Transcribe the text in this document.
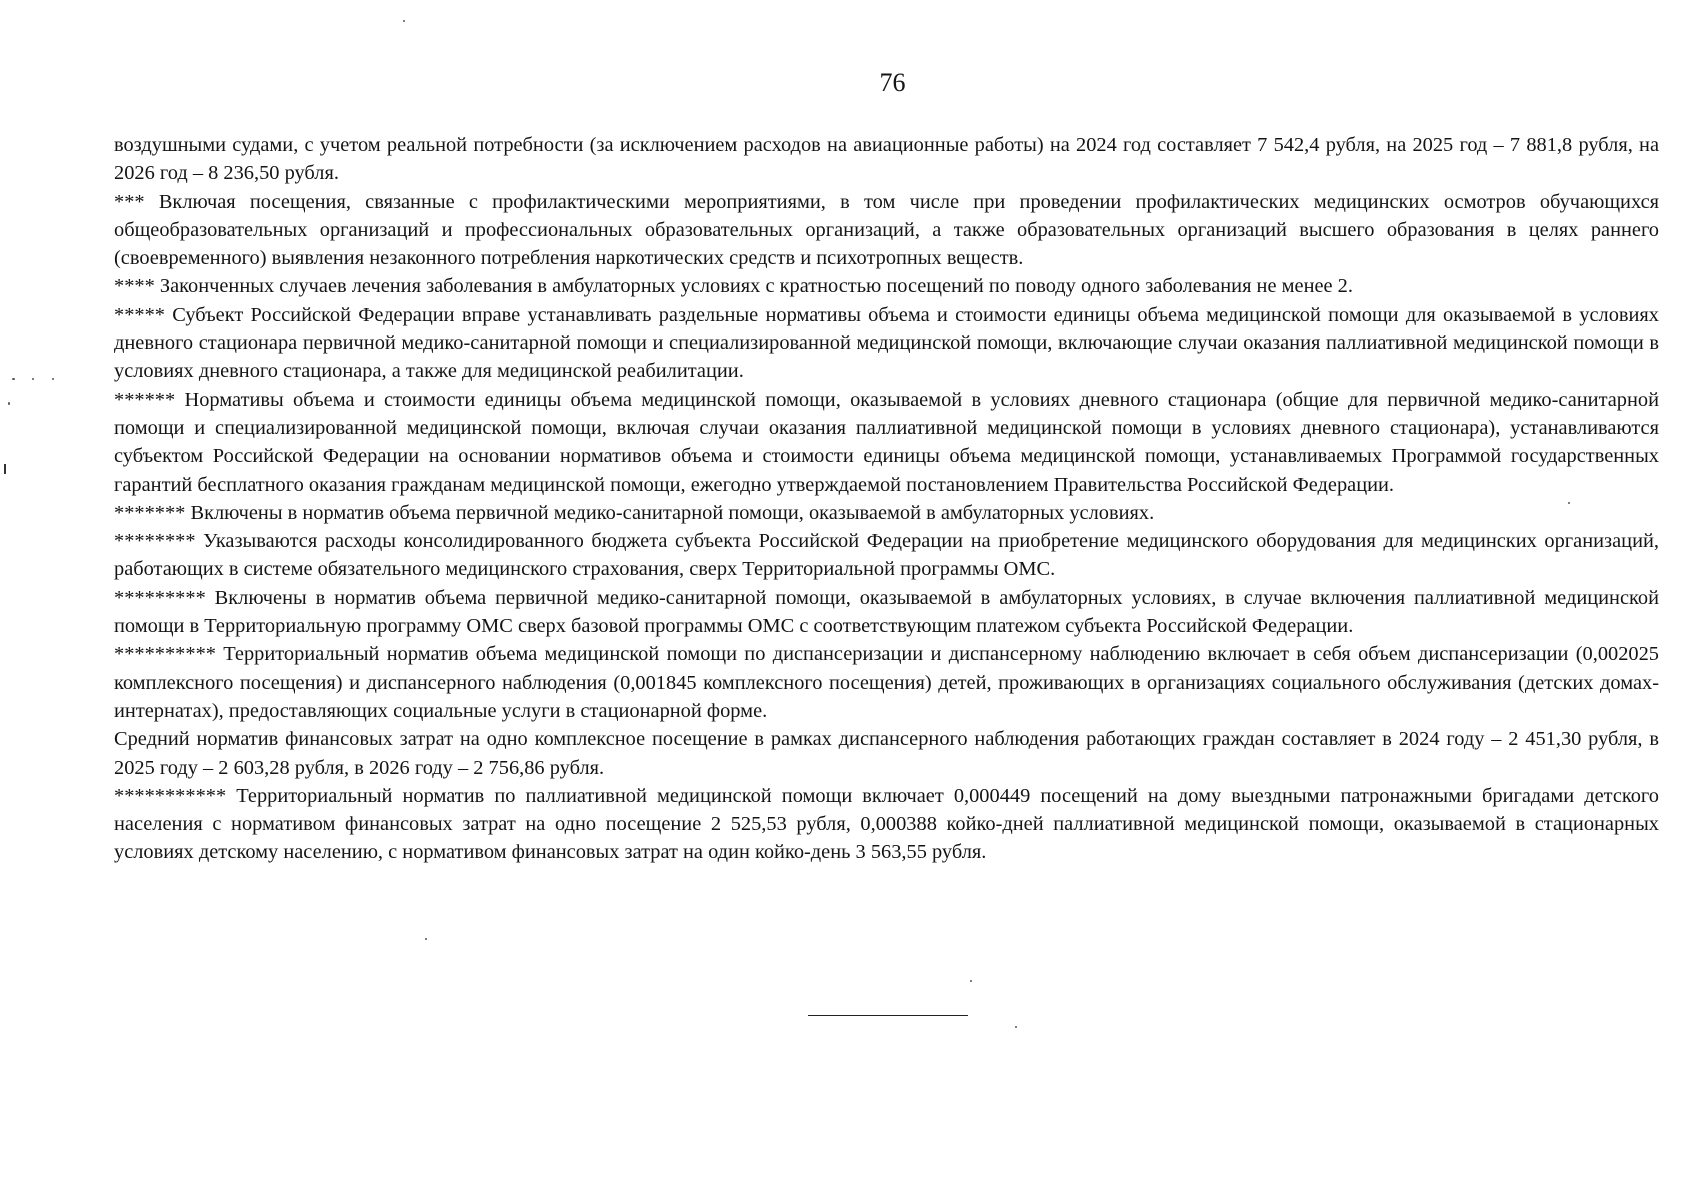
76

воздушными судами, с учетом реальной потребности (за исключением расходов на авиационные работы) на 2024 год составляет 7 542,4 рубля, на 2025 год – 7 881,8 рубля, на 2026 год – 8 236,50 рубля.

*** Включая посещения, связанные с профилактическими мероприятиями, в том числе при проведении профилактических медицинских осмотров обучающихся общеобразовательных организаций и профессиональных образовательных организаций, а также образовательных организаций высшего образования в целях раннего (своевременного) выявления незаконного потребления наркотических средств и психотропных веществ.

**** Законченных случаев лечения заболевания в амбулаторных условиях с кратностью посещений по поводу одного заболевания не менее 2.

***** Субъект Российской Федерации вправе устанавливать раздельные нормативы объема и стоимости единицы объема медицинской помощи для оказываемой в условиях дневного стационара первичной медико-санитарной помощи и специализированной медицинской помощи, включающие случаи оказания паллиативной медицинской помощи в условиях дневного стационара, а также для медицинской реабилитации.

****** Нормативы объема и стоимости единицы объема медицинской помощи, оказываемой в условиях дневного стационара (общие для первичной медико-санитарной помощи и специализированной медицинской помощи, включая случаи оказания паллиативной медицинской помощи в условиях дневного стационара), устанавливаются субъектом Российской Федерации на основании нормативов объема и стоимости единицы объема медицинской помощи, устанавливаемых Программой государственных гарантий бесплатного оказания гражданам медицинской помощи, ежегодно утверждаемой постановлением Правительства Российской Федерации.

******* Включены в норматив объема первичной медико-санитарной помощи, оказываемой в амбулаторных условиях.

******** Указываются расходы консолидированного бюджета субъекта Российской Федерации на приобретение медицинского оборудования для медицинских организаций, работающих в системе обязательного медицинского страхования, сверх Территориальной программы ОМС.

********* Включены в норматив объема первичной медико-санитарной помощи, оказываемой в амбулаторных условиях, в случае включения паллиативной медицинской помощи в Территориальную программу ОМС сверх базовой программы ОМС с соответствующим платежом субъекта Российской Федерации.

********** Территориальный норматив объема медицинской помощи по диспансеризации и диспансерному наблюдению включает в себя объем диспансеризации (0,002025 комплексного посещения) и диспансерного наблюдения (0,001845 комплексного посещения) детей, проживающих в организациях социального обслуживания (детских домах-интернатах), предоставляющих социальные услуги в стационарной форме.

Средний норматив финансовых затрат на одно комплексное посещение в рамках диспансерного наблюдения работающих граждан составляет в 2024 году – 2 451,30 рубля, в 2025 году – 2 603,28 рубля, в 2026 году – 2 756,86 рубля.

*********** Территориальный норматив по паллиативной медицинской помощи включает 0,000449 посещений на дому выездными патронажными бригадами детского населения с нормативом финансовых затрат на одно посещение 2 525,53 рубля, 0,000388 койко-дней паллиативной медицинской помощи, оказываемой в стационарных условиях детскому населению, с нормативом финансовых затрат на один койко-день 3 563,55 рубля.
